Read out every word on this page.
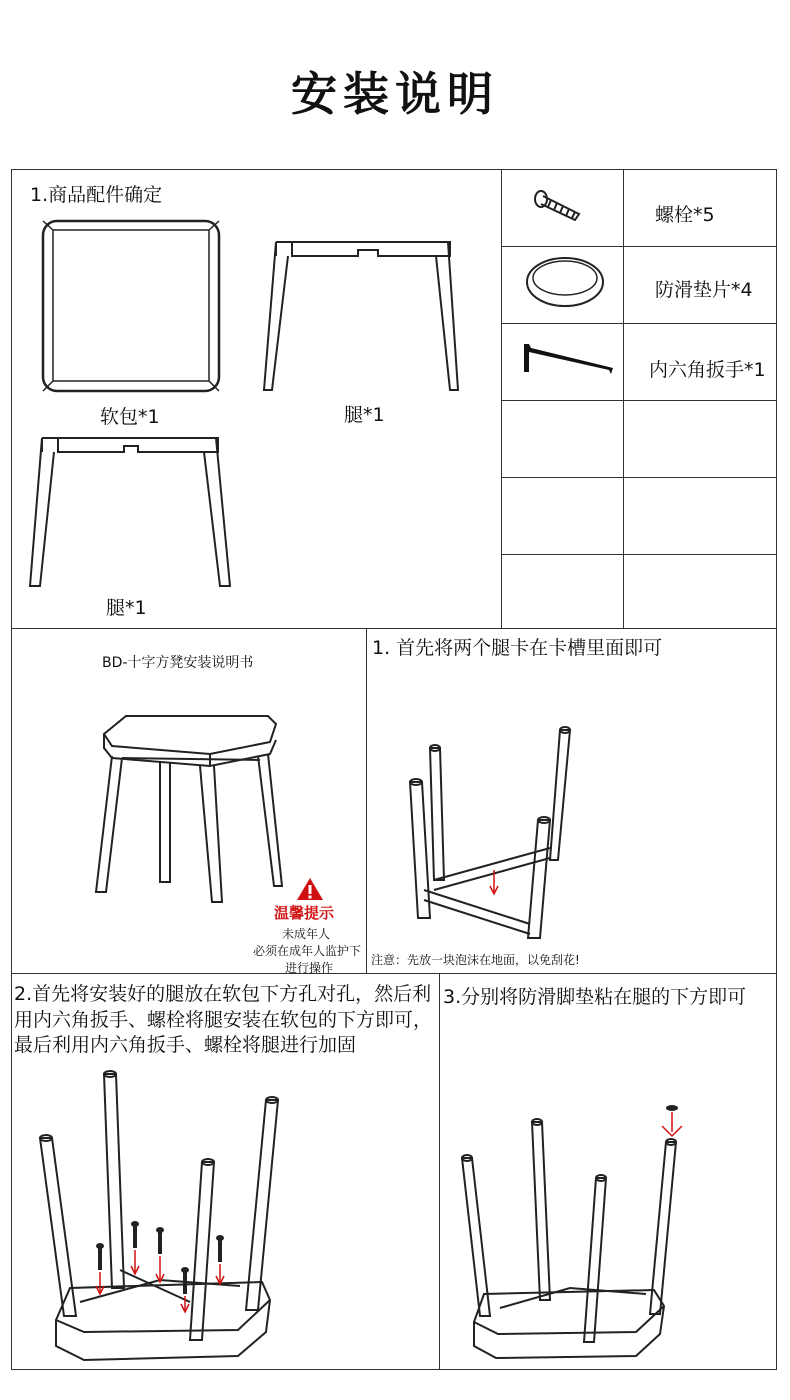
安装说明
1.商品配件确定
软包*1	腿*1
腿*1
螺栓*5
防滑垫片*4
内六角扳手*1
BD-十字方凳安装说明书
温馨提示
未成年人
必须在成年人监护下
进行操作
1. 首先将两个腿卡在卡槽里面即可
注意：先放一块泡沫在地面，以免刮花!
2.首先将安装好的腿放在软包下方孔对孔，然后利用内六角扳手、螺栓将腿安装在软包的下方即可，最后利用内六角扳手、螺栓将腿进行加固
3.分别将防滑脚垫粘在腿的下方即可
